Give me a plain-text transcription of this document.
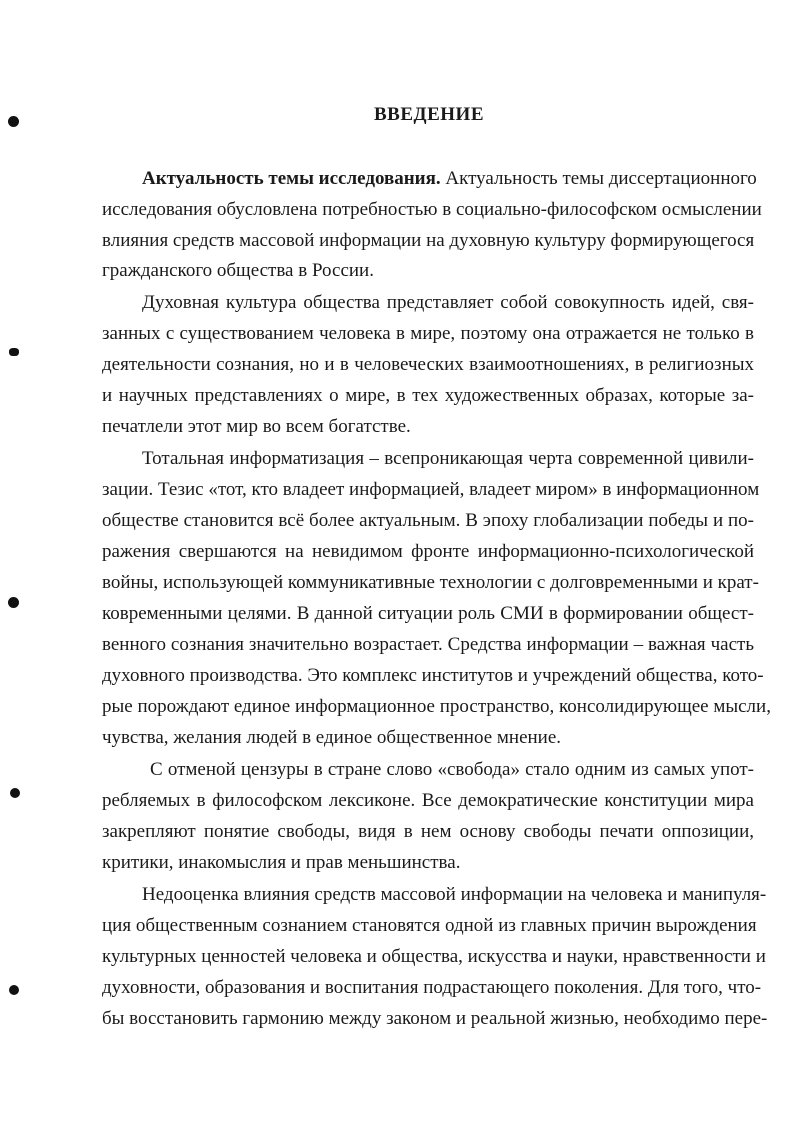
ВВЕДЕНИЕ
Актуальность темы исследования. Актуальность темы диссертационного
исследования обусловлена потребностью в социально-философском осмыслении
влияния средств массовой информации на духовную культуру формирующегося
гражданского общества в России.
Духовная культура общества представляет собой совокупность идей, свя-
занных с существованием человека в мире, поэтому она отражается не только в
деятельности сознания, но и в человеческих взаимоотношениях, в религиозных
и научных представлениях о мире, в тех художественных образах, которые за-
печатлели этот мир во всем богатстве.
Тотальная информатизация – всепроникающая черта современной цивили-
зации. Тезис «тот, кто владеет информацией, владеет миром» в информационном
обществе становится всё более актуальным. В эпоху глобализации победы и по-
ражения свершаются на невидимом фронте информационно-психологической
войны, использующей коммуникативные технологии с долговременными и крат-
ковременными целями. В данной ситуации роль СМИ в формировании общест-
венного сознания значительно возрастает. Средства информации – важная часть
духовного производства. Это комплекс институтов и учреждений общества, кото-
рые порождают единое информационное пространство, консолидирующее мысли,
чувства, желания людей в единое общественное мнение.
С отменой цензуры в стране слово «свобода» стало одним из самых упот-
ребляемых в философском лексиконе. Все демократические конституции мира
закрепляют понятие свободы, видя в нем основу свободы печати оппозиции,
критики, инакомыслия и прав меньшинства.
Недооценка влияния средств массовой информации на человека и манипуля-
ция общественным сознанием становятся одной из главных причин вырождения
культурных ценностей человека и общества, искусства и науки, нравственности и
духовности, образования и воспитания подрастающего поколения. Для того, что-
бы восстановить гармонию между законом и реальной жизнью, необходимо пере-
